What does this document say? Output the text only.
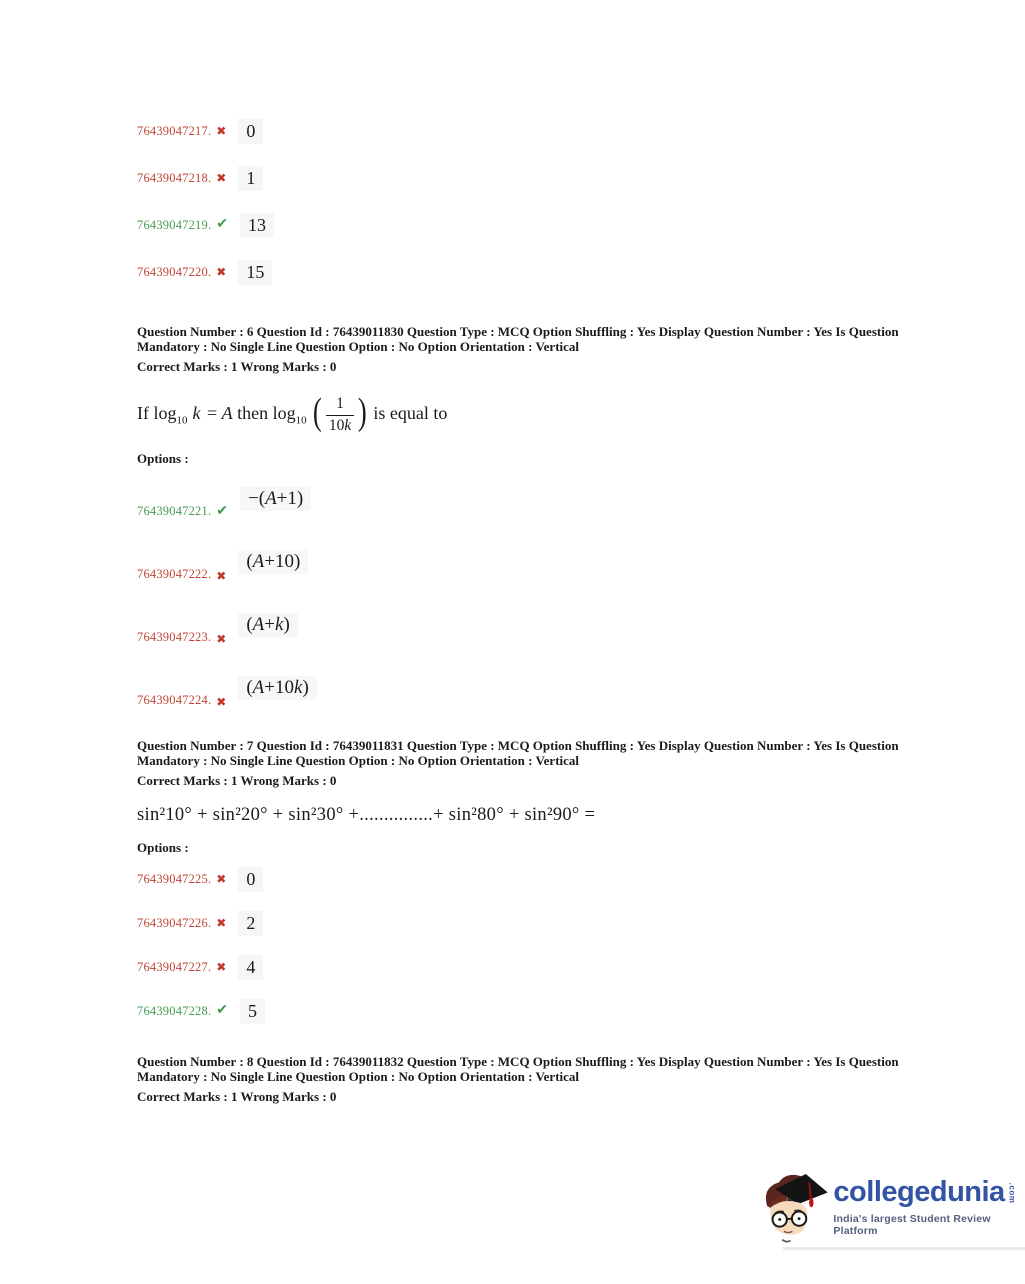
76439047217. ✖	0
76439047218. ✖	1
76439047219. ✔	13
76439047220. ✖	15

Question Number : 6 Question Id : 76439011830 Question Type : MCQ Option Shuffling : Yes Display Question Number : Yes Is Question
Mandatory : No Single Line Question Option : No Option Orientation : Vertical

Correct Marks : 1 Wrong Marks : 0

If $\log_{10} k = A$ then $\log_{10}$ ( $\frac{1}{10k}$ ) is equal to

Options :

76439047221. ✔
−(A+1)
76439047222. ✖
(A+10)
76439047223. ✖
(A+k)
76439047224. ✖
(A+10k)

Question Number : 7 Question Id : 76439011831 Question Type : MCQ Option Shuffling : Yes Display Question Number : Yes Is Question
Mandatory : No Single Line Question Option : No Option Orientation : Vertical

Correct Marks : 1 Wrong Marks : 0

sin²10° + sin²20° + sin²30° +...............+ sin²80° + sin²90° =

Options :

76439047225. ✖	0
76439047226. ✖	2
76439047227. ✖	4
76439047228. ✔	5

Question Number : 8 Question Id : 76439011832 Question Type : MCQ Option Shuffling : Yes Display Question Number : Yes Is Question
Mandatory : No Single Line Question Option : No Option Orientation : Vertical

Correct Marks : 1 Wrong Marks : 0

collegedunia .com
India's largest Student Review Platform
